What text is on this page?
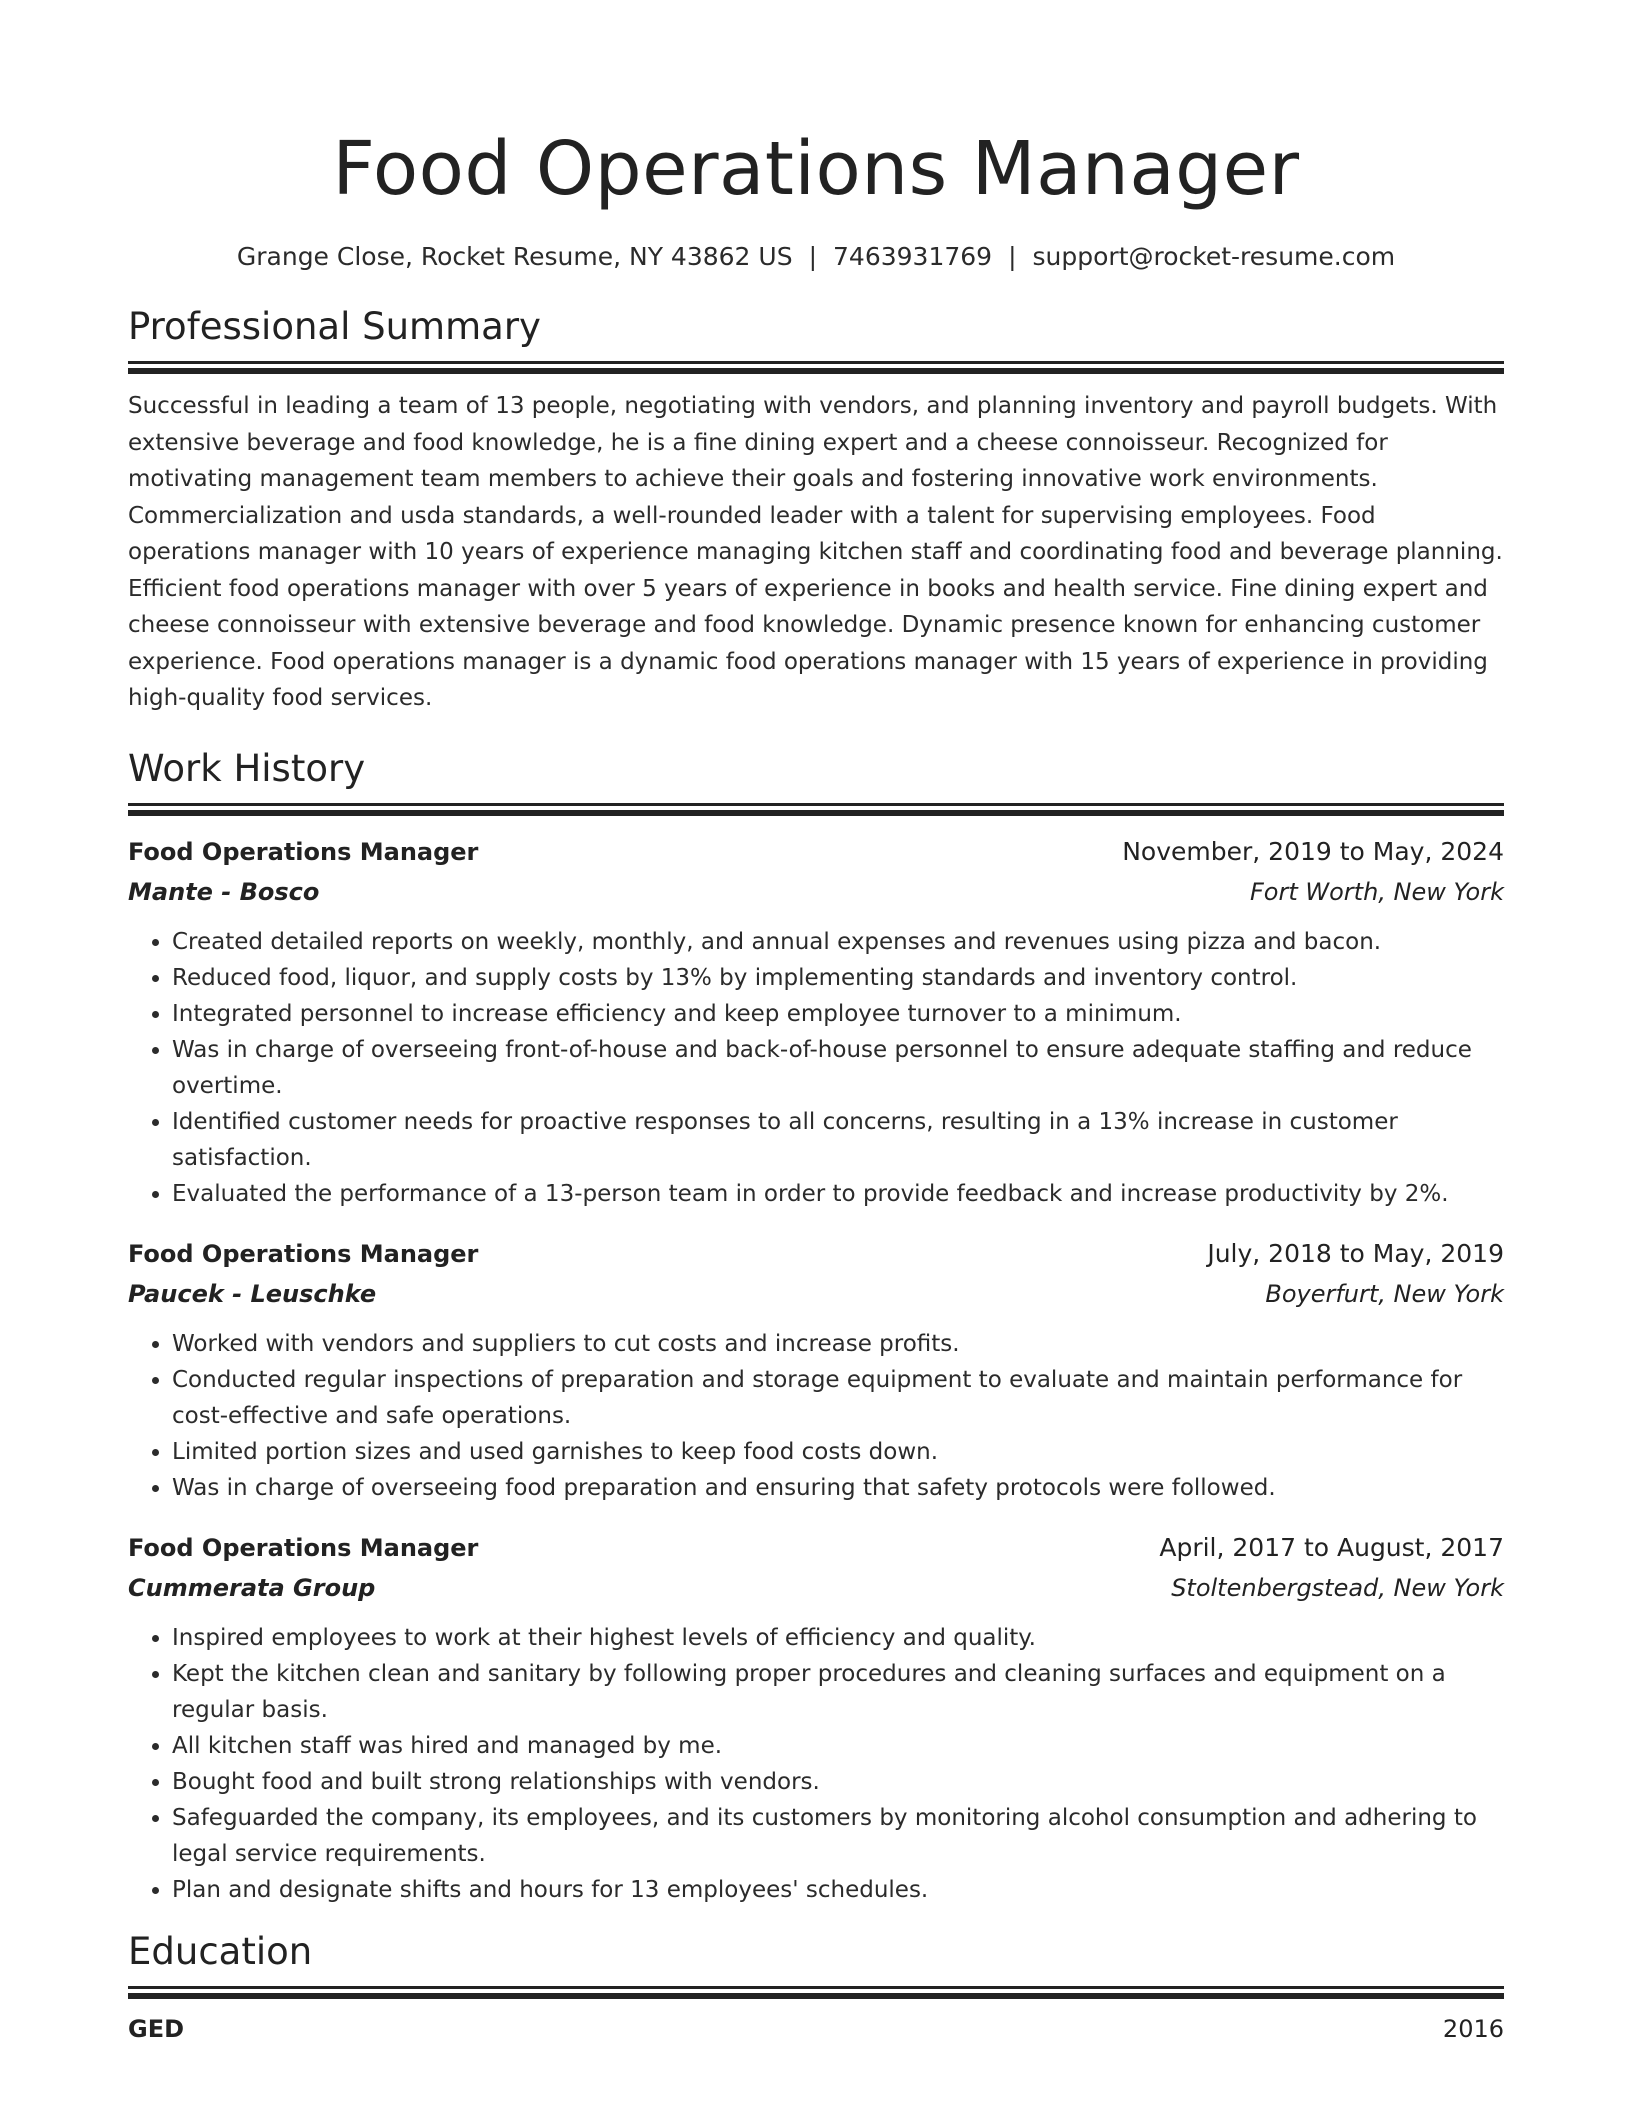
Food Operations Manager
Grange Close, Rocket Resume, NY 43862 US | 7463931769 | support@rocket-resume.com
Professional Summary

Successful in leading a team of 13 people, negotiating with vendors, and planning inventory and payroll budgets. With extensive beverage and food knowledge, he is a fine dining expert and a cheese connoisseur. Recognized for motivating management team members to achieve their goals and fostering innovative work environments. Commercialization and usda standards, a well-rounded leader with a talent for supervising employees. Food operations manager with 10 years of experience managing kitchen staff and coordinating food and beverage planning. Efficient food operations manager with over 5 years of experience in books and health service. Fine dining expert and cheese connoisseur with extensive beverage and food knowledge. Dynamic presence known for enhancing customer experience. Food operations manager is a dynamic food operations manager with 15 years of experience in providing high-quality food services.

Work History
Food Operations Manager	November, 2019 to May, 2024
Mante - Bosco	Fort Worth, New York
• Created detailed reports on weekly, monthly, and annual expenses and revenues using pizza and bacon.
• Reduced food, liquor, and supply costs by 13% by implementing standards and inventory control.
• Integrated personnel to increase efficiency and keep employee turnover to a minimum.
• Was in charge of overseeing front-of-house and back-of-house personnel to ensure adequate staffing and reduce overtime.
• Identified customer needs for proactive responses to all concerns, resulting in a 13% increase in customer satisfaction.
• Evaluated the performance of a 13-person team in order to provide feedback and increase productivity by 2%.
Food Operations Manager	July, 2018 to May, 2019
Paucek - Leuschke	Boyerfurt, New York
• Worked with vendors and suppliers to cut costs and increase profits.
• Conducted regular inspections of preparation and storage equipment to evaluate and maintain performance for cost-effective and safe operations.
• Limited portion sizes and used garnishes to keep food costs down.
• Was in charge of overseeing food preparation and ensuring that safety protocols were followed.
Food Operations Manager	April, 2017 to August, 2017
Cummerata Group	Stoltenbergstead, New York
• Inspired employees to work at their highest levels of efficiency and quality.
• Kept the kitchen clean and sanitary by following proper procedures and cleaning surfaces and equipment on a regular basis.
• All kitchen staff was hired and managed by me.
• Bought food and built strong relationships with vendors.
• Safeguarded the company, its employees, and its customers by monitoring alcohol consumption and adhering to legal service requirements.
• Plan and designate shifts and hours for 13 employees' schedules.
Education
GED	2016
